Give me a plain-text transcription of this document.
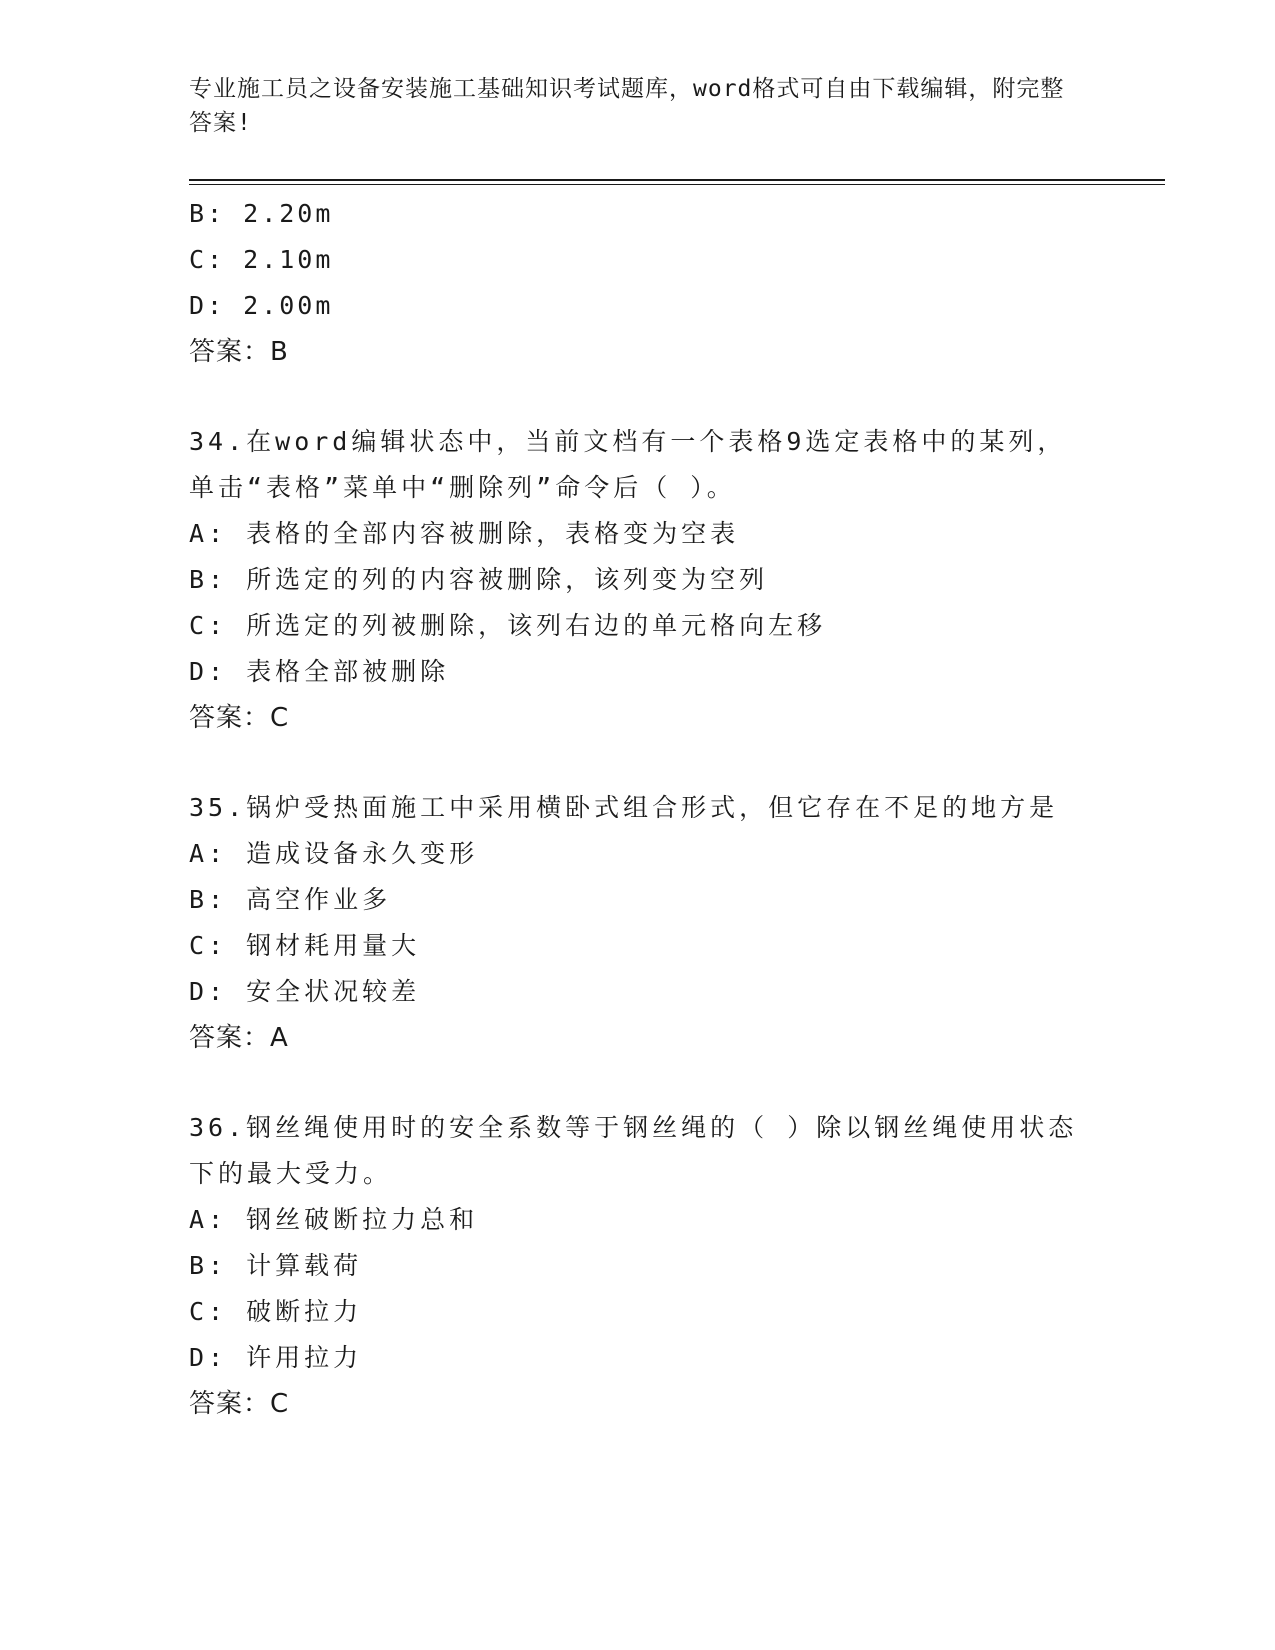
专业施工员之设备安装施工基础知识考试题库，word格式可自由下载编辑，附完整答案!
B: 2.20m
C: 2.10m
D: 2.00m
答案：B
34.在word编辑状态中，当前文档有一个表格9选定表格中的某列，
单击“表格”菜单中“删除列”命令后（ ）。
A: 表格的全部内容被删除，表格变为空表
B: 所选定的列的内容被删除，该列变为空列
C: 所选定的列被删除，该列右边的单元格向左移
D: 表格全部被删除
答案：C
35.锅炉受热面施工中采用横卧式组合形式，但它存在不足的地方是
A: 造成设备永久变形
B: 高空作业多
C: 钢材耗用量大
D: 安全状况较差
答案：A
36.钢丝绳使用时的安全系数等于钢丝绳的（ ）除以钢丝绳使用状态
下的最大受力。
A: 钢丝破断拉力总和
B: 计算载荷
C: 破断拉力
D: 许用拉力
答案：C
